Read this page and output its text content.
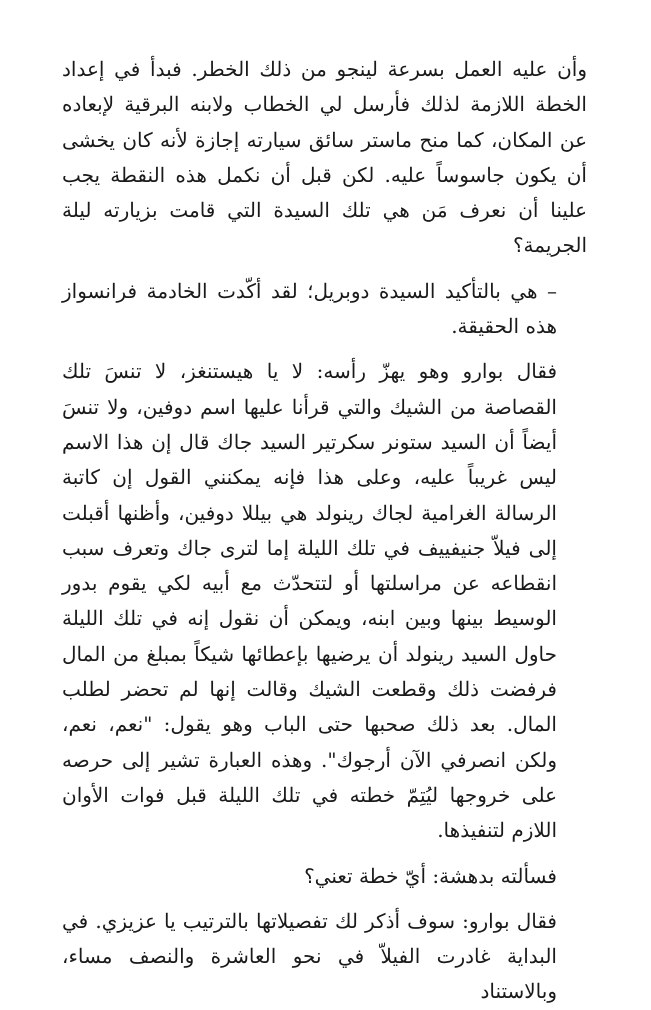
وأن عليه العمل بسرعة لينجو من ذلك الخطر. فبدأ في إعداد الخطة اللازمة لذلك فأرسل لي الخطاب ولابنه البرقية لإبعاده عن المكان، كما منح ماستر سائق سيارته إجازة لأنه كان يخشى أن يكون جاسوساً عليه. لكن قبل أن نكمل هذه النقطة يجب علينا أن نعرف مَن هي تلك السيدة التي قامت بزيارته ليلة الجريمة؟

– هي بالتأكيد السيدة دوبريل؛ لقد أكّدت الخادمة فرانسواز هذه الحقيقة.

فقال بوارو وهو يهزّ رأسه: لا يا هيستنغز، لا تنسَ تلك القصاصة من الشيك والتي قرأنا عليها اسم دوفين، ولا تنسَ أيضاً أن السيد ستونر سكرتير السيد جاك قال إن هذا الاسم ليس غريباً عليه، وعلى هذا فإنه يمكنني القول إن كاتبة الرسالة الغرامية لجاك رينولد هي بيللا دوفين، وأظنها أقبلت إلى فيلاّ جنيفييف في تلك الليلة إما لترى جاك وتعرف سبب انقطاعه عن مراسلتها أو لتتحدّث مع أبيه لكي يقوم بدور الوسيط بينها وبين ابنه، ويمكن أن نقول إنه في تلك الليلة حاول السيد رينولد أن يرضيها بإعطائها شيكاً بمبلغ من المال فرفضت ذلك وقطعت الشيك وقالت إنها لم تحضر لطلب المال. بعد ذلك صحبها حتى الباب وهو يقول: "نعم، نعم، ولكن انصرفي الآن أرجوك". وهذه العبارة تشير إلى حرصه على خروجها ليُتِمّ خطته في تلك الليلة قبل فوات الأوان اللازم لتنفيذها.

فسألته بدهشة: أيّ خطة تعني؟

فقال بوارو: سوف أذكر لك تفصيلاتها بالترتيب يا عزيزي. في البداية غادرت الفيلاّ في نحو العاشرة والنصف مساء، وبالاستناد
